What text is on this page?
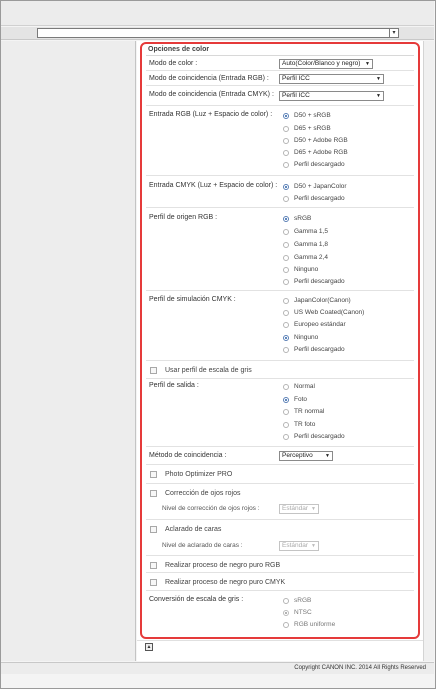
▾
Opciones de color
Modo de color :	Auto(Color/Blanco y negro) ▼
Modo de coincidencia (Entrada RGB) :	Perfil ICC	▼
Modo de coincidencia (Entrada CMYK) :	Perfil ICC	▼
Entrada RGB (Luz + Espacio de color) :	D50 + sRGB
D65 + sRGB
D50 + Adobe RGB
D65 + Adobe RGB
Perfil descargado
Entrada CMYK (Luz + Espacio de color) :	D50 + JapanColor
Perfil descargado
Perfil de origen RGB :	sRGB
Gamma 1,5
Gamma 1,8
Gamma 2,4
Ninguno
Perfil descargado
Perfil de simulación CMYK :	JapanColor(Canon)
US Web Coated(Canon)
Europeo estándar
Ninguno
Perfil descargado
Usar perfil de escala de gris
Perfil de salida :	Normal
Foto
TR normal
TR foto
Perfil descargado
Método de coincidencia :	Perceptivo ▼
Photo Optimizer PRO
Corrección de ojos rojos
Nivel de corrección de ojos rojos :	Estándar ▼
Aclarado de caras
Nivel de aclarado de caras :	Estándar ▼
Realizar proceso de negro puro RGB
Realizar proceso de negro puro CMYK
Conversión de escala de gris :	sRGB
NTSC
RGB uniforme
▲
Copyright CANON INC. 2014 All Rights Reserved
